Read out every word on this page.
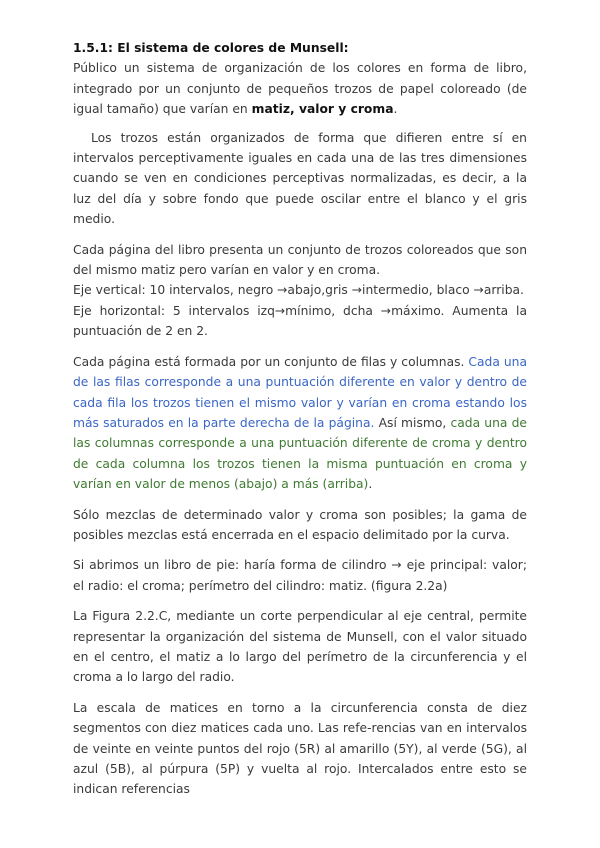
1.5.1: El sistema de colores de Munsell:

Público un sistema de organización de los colores en forma de libro, integrado por un conjunto de pequeños trozos de papel coloreado (de igual tamaño) que varían en matiz, valor y croma.

Los trozos están organizados de forma que difieren entre sí en intervalos perceptivamente iguales en cada una de las tres dimensiones cuando se ven en condiciones perceptivas normalizadas, es decir, a la luz del día y sobre fondo que puede oscilar entre el blanco y el gris medio.

Cada página del libro presenta un conjunto de trozos coloreados que son del mismo matiz pero varían en valor y en croma.
Eje vertical: 10 intervalos, negro →abajo,gris →intermedio, blaco →arriba.
Eje horizontal: 5 intervalos izq→mínimo, dcha →máximo. Aumenta la puntuación de 2 en 2.

Cada página está formada por un conjunto de filas y columnas. Cada una de las filas corresponde a una puntuación diferente en valor y dentro de cada fila los trozos tienen el mismo valor y varían en croma estando los más saturados en la parte derecha de la página. Así mismo, cada una de las columnas corresponde a una puntuación diferente de croma y dentro de cada columna los trozos tienen la misma puntuación en croma y varían en valor de menos (abajo) a más (arriba).

Sólo mezclas de determinado valor y croma son posibles; la gama de posibles mezclas está encerrada en el espacio delimitado por la curva.

Si abrimos un libro de pie: haría forma de cilindro → eje principal: valor; el radio: el croma; perímetro del cilindro: matiz. (figura 2.2a)

La Figura 2.2.C, mediante un corte perpendicular al eje central, permite representar la organización del sistema de Munsell, con el valor situado en el centro, el matiz a lo largo del perímetro de la circunferencia y el croma a lo largo del radio.

La escala de matices en torno a la circunferencia consta de diez segmentos con diez matices cada uno. Las refe-rencias van en intervalos de veinte en veinte puntos del rojo (5R) al amarillo (5Y), al verde (5G), al azul (5B), al púrpura (5P) y vuelta al rojo. Intercalados entre esto se indican referencias
